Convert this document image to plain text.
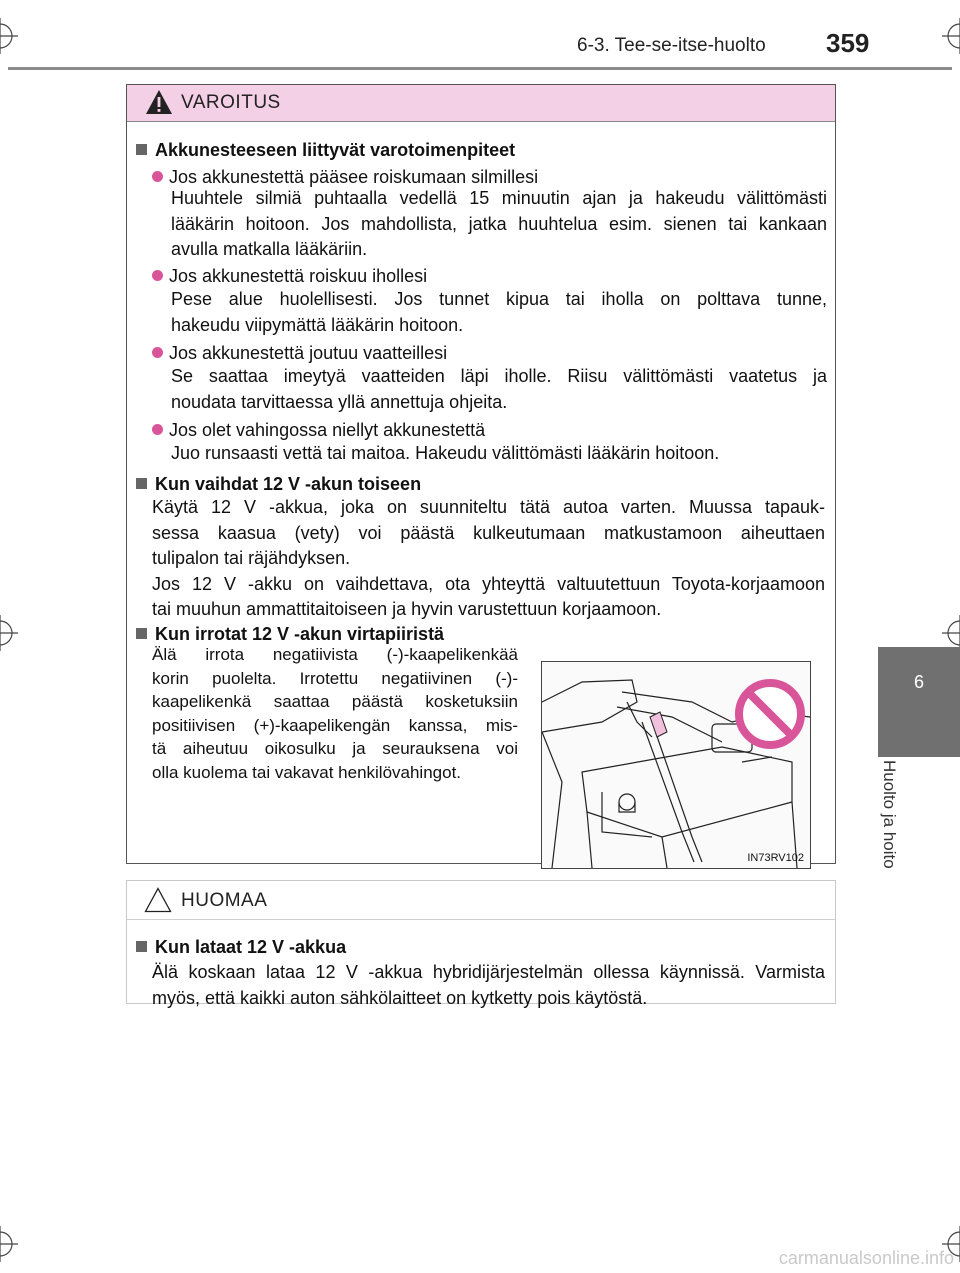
6-3. Tee-se-itse-huolto 359
6
Huolto ja hoito
VAROITUS
Akkunesteeseen liittyvät varotoimenpiteet
Jos akkunestettä pääsee roiskumaan silmillesi
Huuhtele silmiä puhtaalla vedellä 15 minuutin ajan ja hakeudu välittömästi
lääkärin hoitoon. Jos mahdollista, jatka huuhtelua esim. sienen tai kankaan
avulla matkalla lääkäriin.
Jos akkunestettä roiskuu ihollesi
Pese alue huolellisesti. Jos tunnet kipua tai iholla on polttava tunne,
hakeudu viipymättä lääkärin hoitoon.
Jos akkunestettä joutuu vaatteillesi
Se saattaa imeytyä vaatteiden läpi iholle. Riisu välittömästi vaatetus ja
noudata tarvittaessa yllä annettuja ohjeita.
Jos olet vahingossa niellyt akkunestettä
Juo runsaasti vettä tai maitoa. Hakeudu välittömästi lääkärin hoitoon.
Kun vaihdat 12 V -akun toiseen
Käytä 12 V -akkua, joka on suunniteltu tätä autoa varten. Muussa tapauk-
sessa kaasua (vety) voi päästä kulkeutumaan matkustamoon aiheuttaen
tulipalon tai räjähdyksen.
Jos 12 V -akku on vaihdettava, ota yhteyttä valtuutettuun Toyota-korjaamoon
tai muuhun ammattitaitoiseen ja hyvin varustettuun korjaamoon.
Kun irrotat 12 V -akun virtapiiristä
Älä irrota negatiivista (-)-kaapelikenkää
korin puolelta. Irrotettu negatiivinen (-)-
kaapelikenkä saattaa päästä kosketuksiin
positiivisen (+)-kaapelikengän kanssa, mis-
tä aiheutuu oikosulku ja seurauksena voi
olla kuolema tai vakavat henkilövahingot.
IN73RV102
HUOMAA
Kun lataat 12 V -akkua
Älä koskaan lataa 12 V -akkua hybridijärjestelmän ollessa käynnissä. Varmista
myös, että kaikki auton sähkölaitteet on kytketty pois käytöstä.
carmanualsonline.info
